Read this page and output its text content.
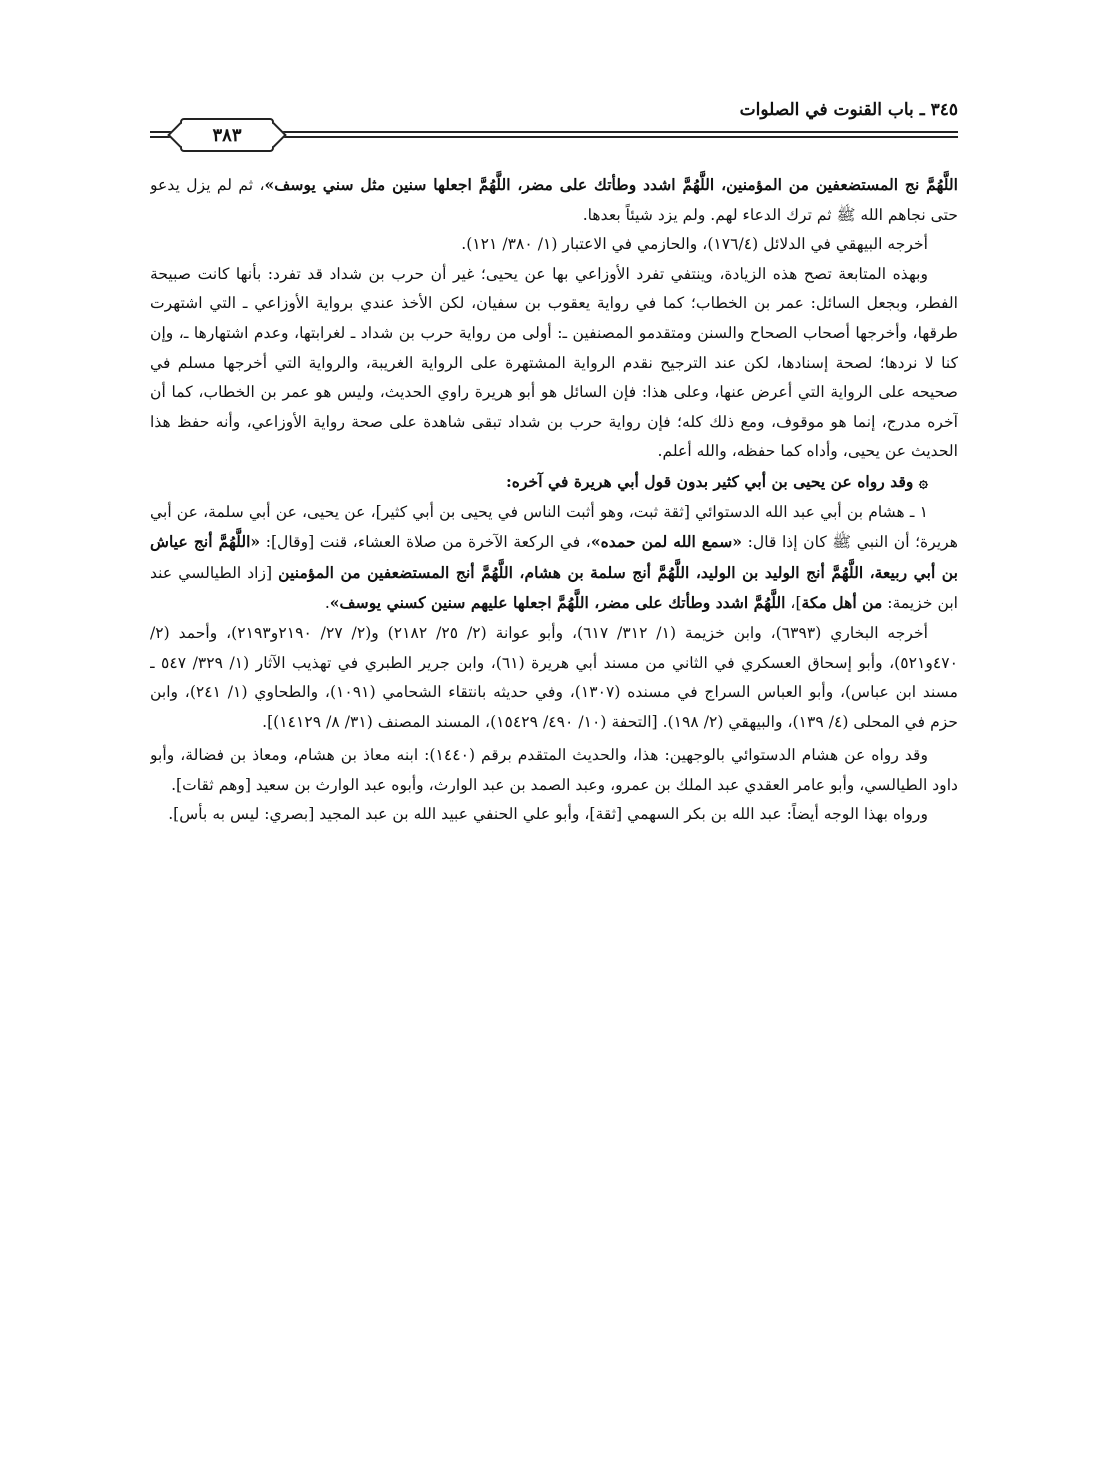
٣٤٥ ـ باب القنوت في الصلوات
٣٨٣

اللَّهُمَّ نج المستضعفين من المؤمنين، اللَّهُمَّ اشدد وطأتك على مضر، اللَّهُمَّ اجعلها سنين مثل سني يوسف»، ثم لم يزل يدعو حتى نجاهم الله ﷺ ثم ترك الدعاء لهم. ولم يزد شيئاً بعدها.

أخرجه البيهقي في الدلائل (١٧٦/٤)، والحازمي في الاعتبار (١/ ٣٨٠/ ١٢١).

وبهذه المتابعة تصح هذه الزيادة، وينتفي تفرد الأوزاعي بها عن يحيى؛ غير أن حرب بن شداد قد تفرد: بأنها كانت صبيحة الفطر، وبجعل السائل: عمر بن الخطاب؛ كما في رواية يعقوب بن سفيان، لكن الأخذ عندي برواية الأوزاعي ـ التي اشتهرت طرقها، وأخرجها أصحاب الصحاح والسنن ومتقدمو المصنفين ـ: أولى من رواية حرب بن شداد ـ لغرابتها، وعدم اشتهارها ـ، وإن كنا لا نردها؛ لصحة إسنادها، لكن عند الترجيح نقدم الرواية المشتهرة على الرواية الغريبة، والرواية التي أخرجها مسلم في صحيحه على الرواية التي أعرض عنها، وعلى هذا: فإن السائل هو أبو هريرة راوي الحديث، وليس هو عمر بن الخطاب، كما أن آخره مدرج، إنما هو موقوف، ومع ذلك كله؛ فإن رواية حرب بن شداد تبقى شاهدة على صحة رواية الأوزاعي، وأنه حفظ هذا الحديث عن يحيى، وأداه كما حفظه، والله أعلم.

۞ وقد رواه عن يحيى بن أبي كثير بدون قول أبي هريرة في آخره:

١ ـ هشام بن أبي عبد الله الدستوائي [ثقة ثبت، وهو أثبت الناس في يحيى بن أبي كثير]، عن يحيى، عن أبي سلمة، عن أبي هريرة؛ أن النبي ﷺ كان إذا قال: «سمع الله لمن حمده»، في الركعة الآخرة من صلاة العشاء، قنت [وقال]: «اللَّهُمَّ أنج عياش بن أبي ربيعة، اللَّهُمَّ أنج الوليد بن الوليد، اللَّهُمَّ أنج سلمة بن هشام، اللَّهُمَّ أنج المستضعفين من المؤمنين [زاد الطيالسي عند ابن خزيمة: من أهل مكة]، اللَّهُمَّ اشدد وطأتك على مضر، اللَّهُمَّ اجعلها عليهم سنين كسني يوسف».

أخرجه البخاري (٦٣٩٣)، وابن خزيمة (١/ ٣١٢/ ٦١٧)، وأبو عوانة (٢/ ٢٥/ ٢١٨٢) و(٢/ ٢٧/ ٢١٩٠و٢١٩٣)، وأحمد (٢/ ٤٧٠و٥٢١)، وأبو إسحاق العسكري في الثاني من مسند أبي هريرة (٦١)، وابن جرير الطبري في تهذيب الآثار (١/ ٣٢٩/ ٥٤٧ ـ مسند ابن عباس)، وأبو العباس السراج في مسنده (١٣٠٧)، وفي حديثه بانتقاء الشحامي (١٠٩١)، والطحاوي (١/ ٢٤١)، وابن حزم في المحلى (٤/ ١٣٩)، والبيهقي (٢/ ١٩٨). [التحفة (١٠/ ٤٩٠/ ١٥٤٢٩)، المسند المصنف (٣١/ ٨/ ١٤١٢٩)].

وقد رواه عن هشام الدستوائي بالوجهين: هذا، والحديث المتقدم برقم (١٤٤٠): ابنه معاذ بن هشام، ومعاذ بن فضالة، وأبو داود الطيالسي، وأبو عامر العقدي عبد الملك بن عمرو، وعبد الصمد بن عبد الوارث، وأبوه عبد الوارث بن سعيد [وهم ثقات].

ورواه بهذا الوجه أيضاً: عبد الله بن بكر السهمي [ثقة]، وأبو علي الحنفي عبيد الله بن عبد المجيد [بصري: ليس به بأس].
